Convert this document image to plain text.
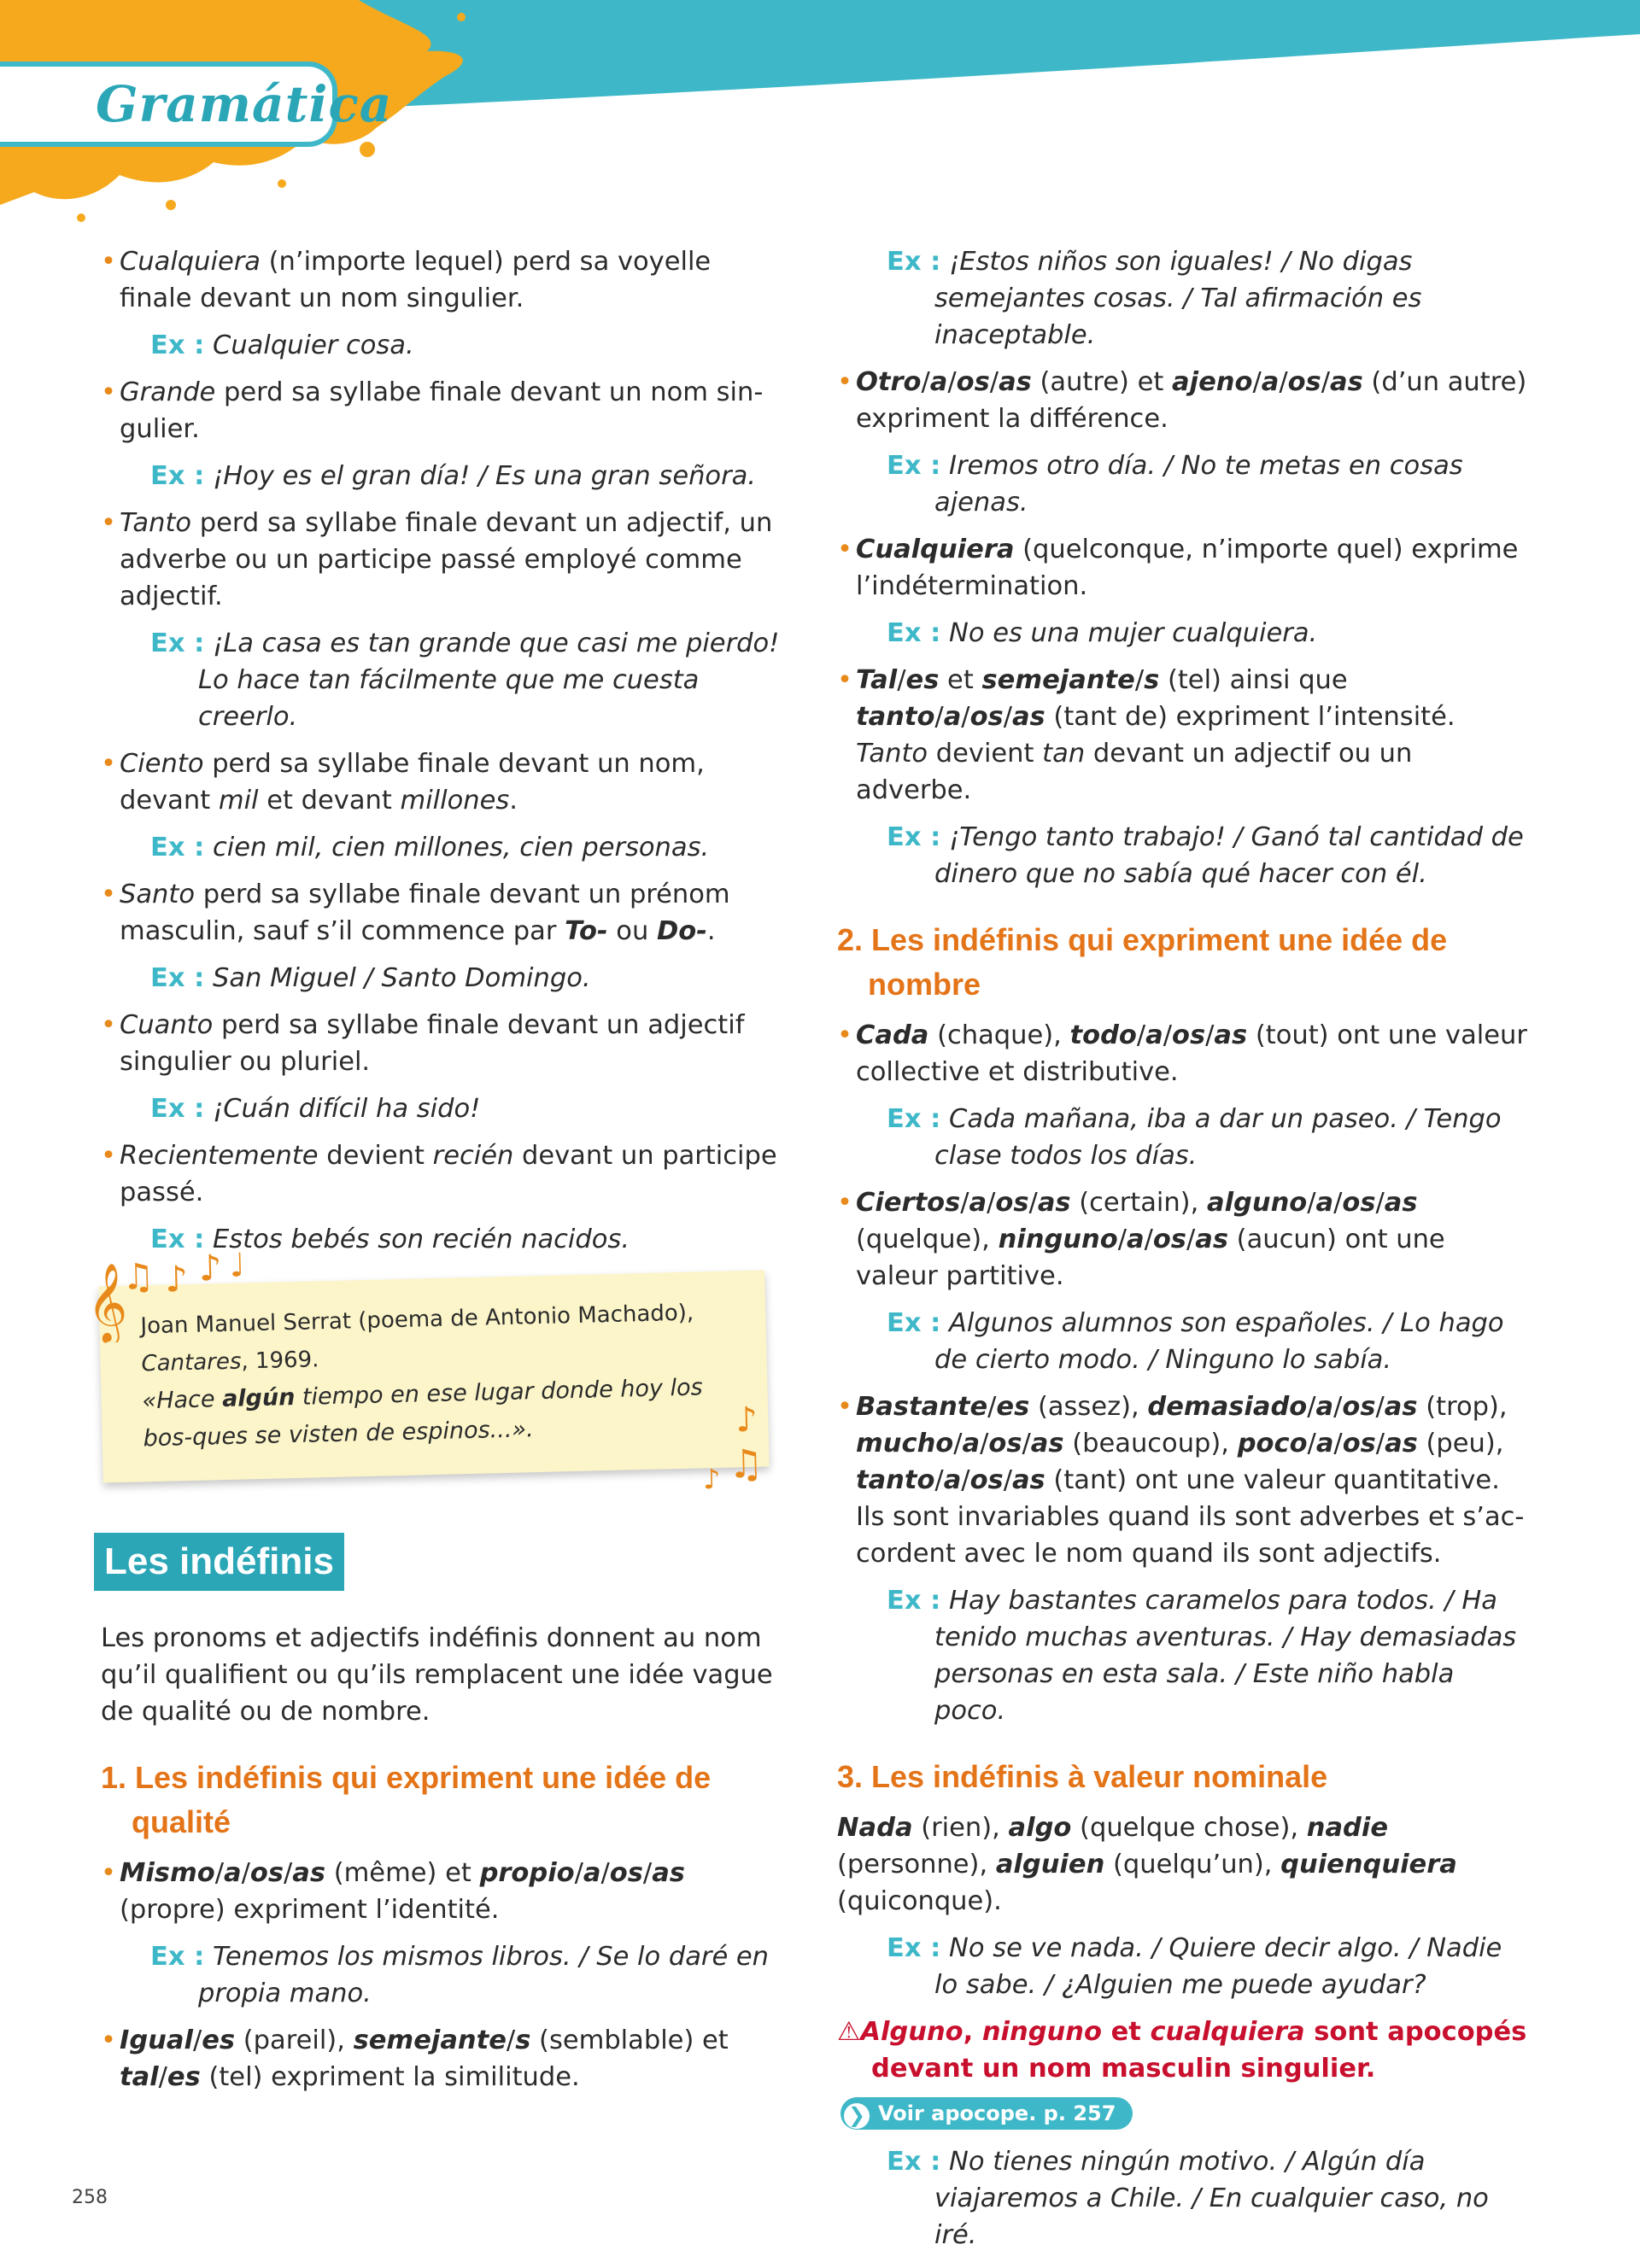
Gramática

• Cualquiera (n’importe lequel) perd sa voyelle finale devant un nom singulier.

Ex : Cualquier cosa.

• Grande perd sa syllabe finale devant un nom sin-gulier.

Ex : ¡Hoy es el gran día! / Es una gran señora.

• Tanto perd sa syllabe finale devant un adjectif, un adverbe ou un participe passé employé comme adjectif.

Ex : ¡La casa es tan grande que casi me pierdo! Lo hace tan fácilmente que me cuesta creerlo.

• Ciento perd sa syllabe finale devant un nom, devant mil et devant millones.

Ex : cien mil, cien millones, cien personas.

• Santo perd sa syllabe finale devant un prénom masculin, sauf s’il commence par To- ou Do-.

Ex : San Miguel / Santo Domingo.

• Cuanto perd sa syllabe finale devant un adjectif singulier ou pluriel.

Ex : ¡Cuán difícil ha sido!

• Recientemente devient recién devant un participe passé.

Ex : Estos bebés son recién nacidos.

𝄞
♫ ♪ ♪ ♩
♪
♫
♪

Joan Manuel Serrat (poema de Antonio Machado), Cantares, 1969.

«Hace algún tiempo en ese lugar donde hoy los bos-ques se visten de espinos...».

Les indéfinis

Les pronoms et adjectifs indéfinis donnent au nom qu’il qualifient ou qu’ils remplacent une idée vague de qualité ou de nombre.

1. Les indéfinis qui expriment une idée de qualité

• Mismo/a/os/as (même) et propio/a/os/as (propre) expriment l’identité.

Ex : Tenemos los mismos libros. / Se lo daré en propia mano.

• Igual/es (pareil), semejante/s (semblable) et tal/es (tel) expriment la similitude.

Ex : ¡Estos niños son iguales! / No digas semejantes cosas. / Tal afirmación es inaceptable.

• Otro/a/os/as (autre) et ajeno/a/os/as (d’un autre) expriment la différence.

Ex : Iremos otro día. / No te metas en cosas ajenas.

• Cualquiera (quelconque, n’importe quel) exprime l’indétermination.

Ex : No es una mujer cualquiera.

• Tal/es et semejante/s (tel) ainsi que tanto/a/os/as (tant de) expriment l’intensité. Tanto devient tan devant un adjectif ou un adverbe.

Ex : ¡Tengo tanto trabajo! / Ganó tal cantidad de dinero que no sabía qué hacer con él.

2. Les indéfinis qui expriment une idée de nombre

• Cada (chaque), todo/a/os/as (tout) ont une valeur collective et distributive.

Ex : Cada mañana, iba a dar un paseo. / Tengo clase todos los días.

• Ciertos/a/os/as (certain), alguno/a/os/as (quelque), ninguno/a/os/as (aucun) ont une valeur partitive.

Ex : Algunos alumnos son españoles. / Lo hago de cierto modo. / Ninguno lo sabía.

• Bastante/es (assez), demasiado/a/os/as (trop), mucho/a/os/as (beaucoup), poco/a/os/as (peu), tanto/a/os/as (tant) ont une valeur quantitative. Ils sont invariables quand ils sont adverbes et s’ac-cordent avec le nom quand ils sont adjectifs.

Ex : Hay bastantes caramelos para todos. / Ha tenido muchas aventuras. / Hay demasiadas personas en esta sala. / Este niño habla poco.

3. Les indéfinis à valeur nominale

Nada (rien), algo (quelque chose), nadie (personne), alguien (quelqu’un), quienquiera (quiconque).

Ex : No se ve nada. / Quiere decir algo. / Nadie lo sabe. / ¿Alguien me puede ayudar?

⚠Alguno, ninguno et cualquiera sont apocopés devant un nom masculin singulier.

❯ Voir apocope. p. 257

Ex : No tienes ningún motivo. / Algún día viajaremos a Chile. / En cualquier caso, no iré.

258
